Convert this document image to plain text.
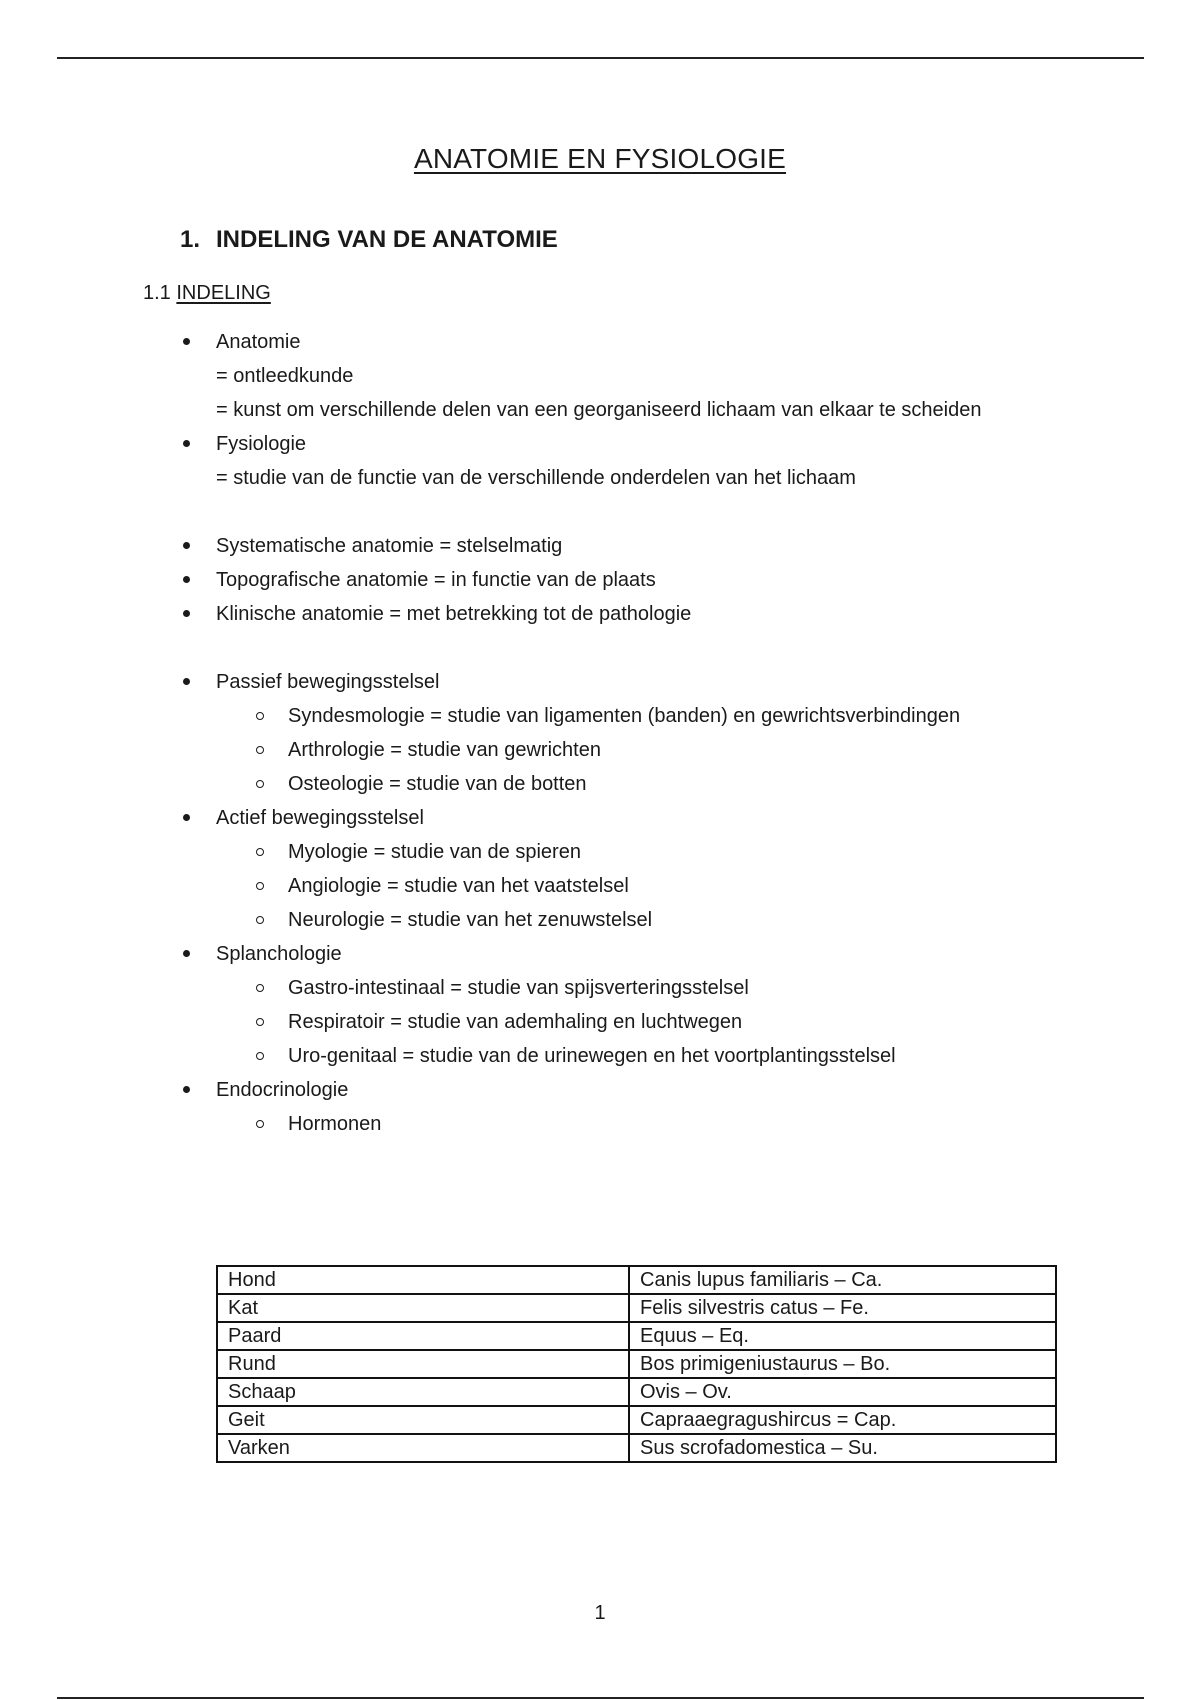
ANATOMIE EN FYSIOLOGIE
1. INDELING VAN DE ANATOMIE
1.1 INDELING
Anatomie
= ontleedkunde
= kunst om verschillende delen van een georganiseerd lichaam van elkaar te scheiden
Fysiologie
= studie van de functie van de verschillende onderdelen van het lichaam
Systematische anatomie = stelselmatig
Topografische anatomie = in functie van de plaats
Klinische anatomie = met betrekking tot de pathologie
Passief bewegingsstelsel
Syndesmologie = studie van ligamenten (banden) en gewrichtsverbindingen
Arthrologie = studie van gewrichten
Osteologie = studie van de botten
Actief bewegingsstelsel
Myologie = studie van de spieren
Angiologie = studie van het vaatstelsel
Neurologie = studie van het zenuwstelsel
Splanchologie
Gastro-intestinaal = studie van spijsverteringsstelsel
Respiratoir = studie van ademhaling en luchtwegen
Uro-genitaal = studie van de urinewegen en het voortplantingsstelsel
Endocrinologie
Hormonen
Hond	Canis lupus familiaris – Ca.
Kat	Felis silvestris catus – Fe.
Paard	Equus – Eq.
Rund	Bos primigeniustaurus – Bo.
Schaap	Ovis – Ov.
Geit	Capraaegragushircus = Cap.
Varken	Sus scrofadomestica – Su.
1
